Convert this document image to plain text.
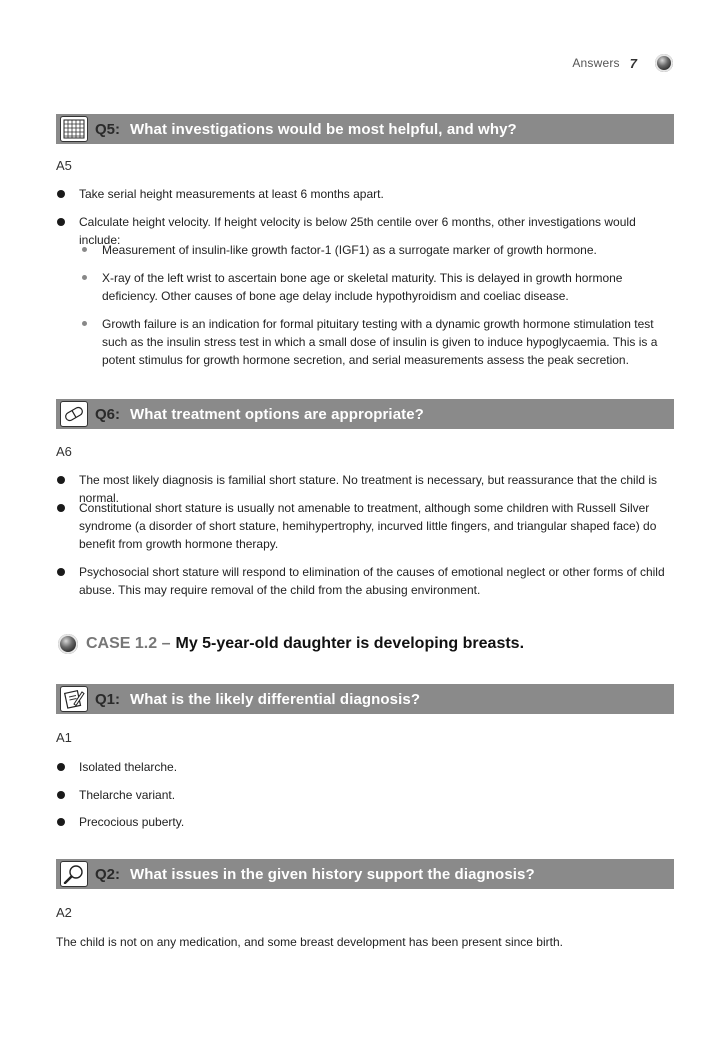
Answers 7
Q5: What investigations would be most helpful, and why?
A5
Take serial height measurements at least 6 months apart.
Calculate height velocity. If height velocity is below 25th centile over 6 months, other investigations would include:
Measurement of insulin-like growth factor-1 (IGF1) as a surrogate marker of growth hormone.
X-ray of the left wrist to ascertain bone age or skeletal maturity. This is delayed in growth hormone deficiency. Other causes of bone age delay include hypothyroidism and coeliac disease.
Growth failure is an indication for formal pituitary testing with a dynamic growth hormone stimulation test such as the insulin stress test in which a small dose of insulin is given to induce hypoglycaemia. This is a potent stimulus for growth hormone secretion, and serial measurements assess the peak secretion.
Q6: What treatment options are appropriate?
A6
The most likely diagnosis is familial short stature. No treatment is necessary, but reassurance that the child is normal.
Constitutional short stature is usually not amenable to treatment, although some children with Russell Silver syndrome (a disorder of short stature, hemihypertrophy, incurved little fingers, and triangular shaped face) do benefit from growth hormone therapy.
Psychosocial short stature will respond to elimination of the causes of emotional neglect or other forms of child abuse. This may require removal of the child from the abusing environment.
CASE 1.2 – My 5-year-old daughter is developing breasts.
Q1: What is the likely differential diagnosis?
A1
Isolated thelarche.
Thelarche variant.
Precocious puberty.
Q2: What issues in the given history support the diagnosis?
A2
The child is not on any medication, and some breast development has been present since birth.
